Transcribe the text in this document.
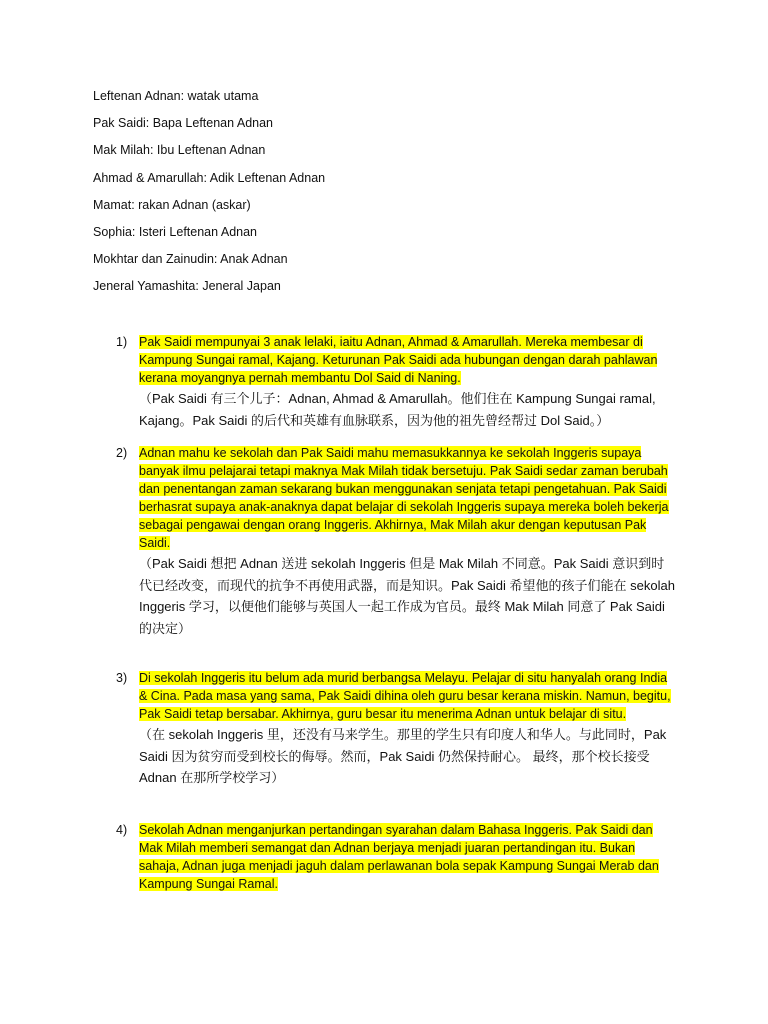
Leftenan Adnan: watak utama
Pak Saidi: Bapa Leftenan Adnan
Mak Milah: Ibu Leftenan Adnan
Ahmad & Amarullah: Adik Leftenan Adnan
Mamat: rakan Adnan (askar)
Sophia: Isteri Leftenan Adnan
Mokhtar dan Zainudin: Anak Adnan
Jeneral Yamashita: Jeneral Japan
1) Pak Saidi mempunyai 3 anak lelaki, iaitu Adnan, Ahmad & Amarullah. Mereka membesar di Kampung Sungai ramal, Kajang. Keturunan Pak Saidi ada hubungan dengan darah pahlawan kerana moyangnya pernah membantu Dol Said di Naning.
（Pak Saidi 有三个儿子：Adnan, Ahmad & Amarullah。他们住在 Kampung Sungai ramal, Kajang。Pak Saidi 的后代和英雄有血脉联系，因为他的祖先曾经帮过 Dol Said。）
2) Adnan mahu ke sekolah dan Pak Saidi mahu memasukkannya ke sekolah Inggeris supaya banyak ilmu pelajarai tetapi maknya Mak Milah tidak bersetuju. Pak Saidi sedar zaman berubah dan penentangan zaman sekarang bukan menggunakan senjata tetapi pengetahuan. Pak Saidi berhasrat supaya anak-anaknya dapat belajar di sekolah Inggeris supaya mereka boleh bekerja sebagai pengawai dengan orang Inggeris. Akhirnya, Mak Milah akur dengan keputusan Pak Saidi.
（Pak Saidi 想把 Adnan 送进 sekolah Inggeris 但是 Mak Milah 不同意。Pak Saidi 意识到时代已经改变，而现代的抗争不再使用武器，而是知识。Pak Saidi 希望他的孩子们能在 sekolah Inggeris 学习，以便他们能够与英国人一起工作成为官员。最终 Mak Milah 同意了 Pak Saidi 的决定）
3) Di sekolah Inggeris itu belum ada murid berbangsa Melayu. Pelajar di situ hanyalah orang India & Cina. Pada masa yang sama, Pak Saidi dihina oleh guru besar kerana miskin. Namun, begitu, Pak Saidi tetap bersabar. Akhirnya, guru besar itu menerima Adnan untuk belajar di situ.
（在 sekolah Inggeris 里，还没有马来学生。那里的学生只有印度人和华人。与此同时，Pak Saidi 因为贫穷而受到校长的侮辱。然而，Pak Saidi 仍然保持耐心。 最终，那个校长接受 Adnan 在那所学校学习）
4) Sekolah Adnan menganjurkan pertandingan syarahan dalam Bahasa Inggeris. Pak Saidi dan Mak Milah memberi semangat dan Adnan berjaya menjadi juaran pertandingan itu. Bukan sahaja, Adnan juga menjadi jaguh dalam perlawanan bola sepak Kampung Sungai Merab dan Kampung Sungai Ramal.
